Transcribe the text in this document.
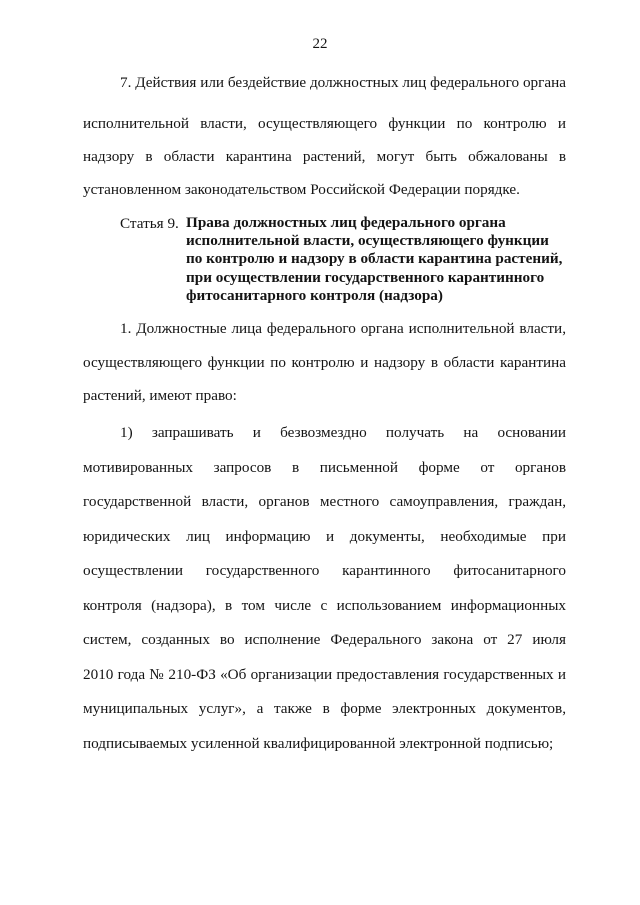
22
7. Действия или бездействие должностных лиц федерального органа
исполнительной власти, осуществляющего функции по контролю и
надзору в области карантина растений, могут быть обжалованы в
установленном законодательством Российской Федерации порядке.
Статья 9. Права должностных лиц федерального органа
исполнительной власти, осуществляющего функции
по контролю и надзору в области карантина растений,
при осуществлении государственного карантинного
фитосанитарного контроля (надзора)
1. Должностные лица федерального органа исполнительной власти,
осуществляющего функции по контролю и надзору в области карантина
растений, имеют право:
1) запрашивать и безвозмездно получать на основании
мотивированных запросов в письменной форме от органов
государственной власти, органов местного самоуправления, граждан,
юридических лиц информацию и документы, необходимые при
осуществлении государственного карантинного фитосанитарного
контроля (надзора), в том числе с использованием информационных
систем, созданных во исполнение Федерального закона от 27 июля
2010 года № 210-ФЗ «Об организации предоставления государственных и
муниципальных услуг», а также в форме электронных документов,
подписываемых усиленной квалифицированной электронной подписью;
